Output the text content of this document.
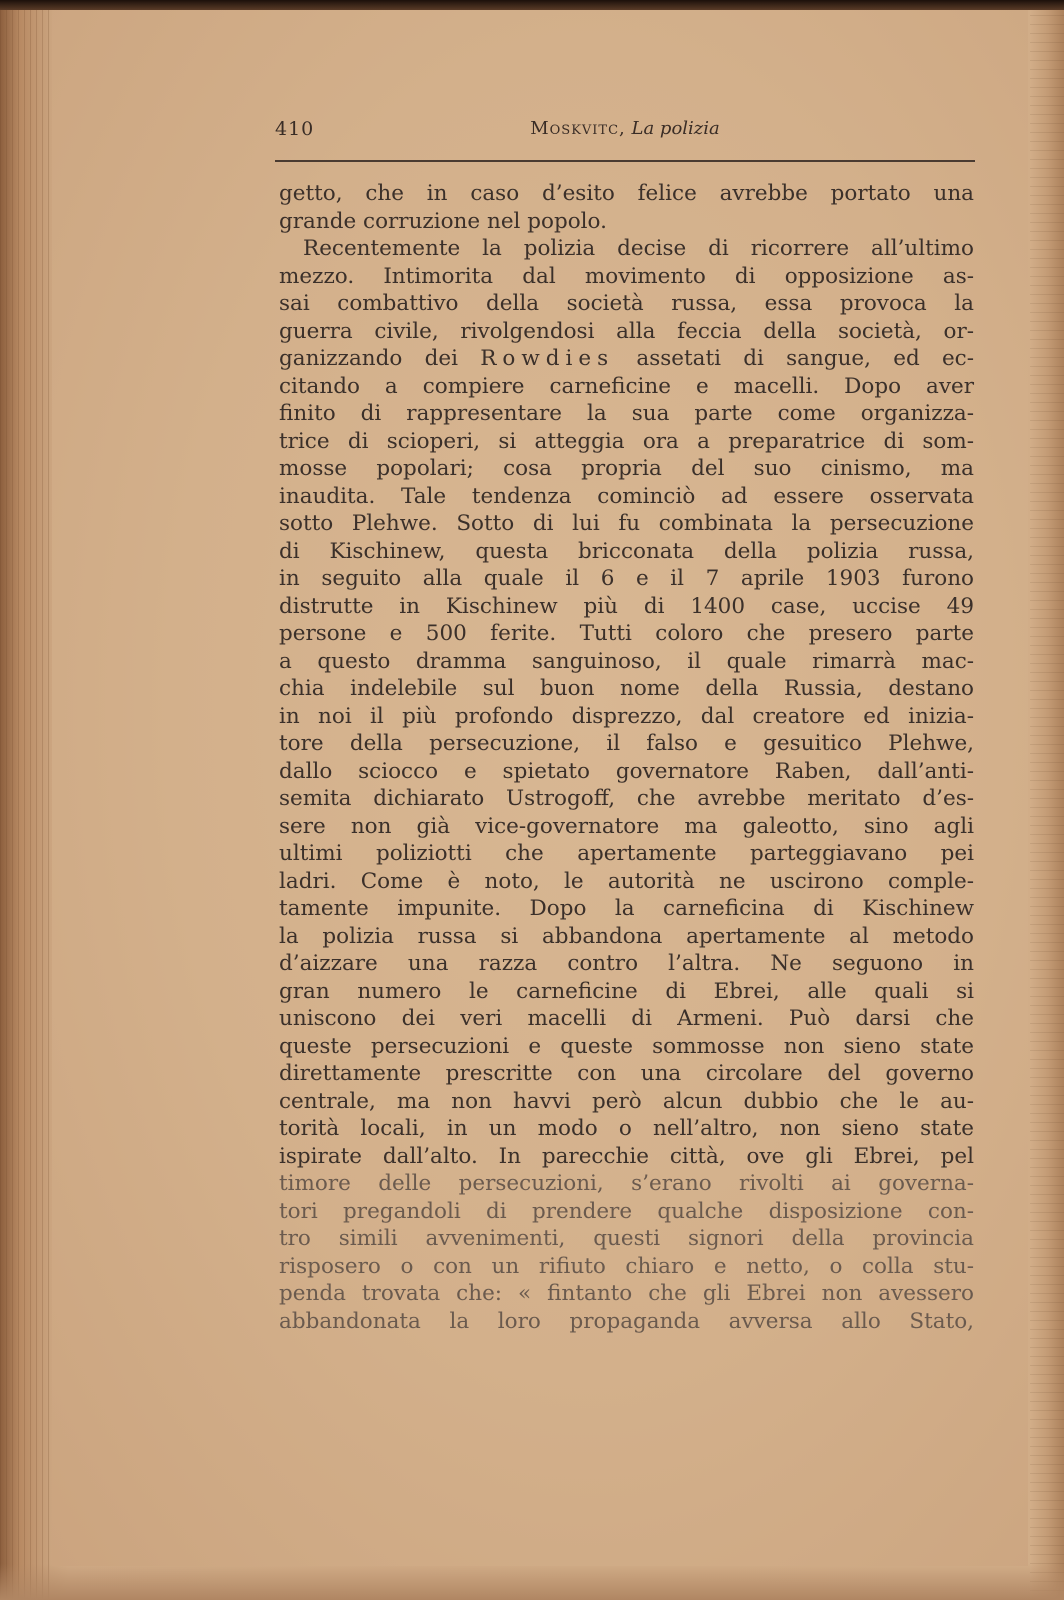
410	Moskvitc, La polizia
getto, che in caso d’esito felice avrebbe portato una
grande corruzione nel popolo.
Recentemente la polizia decise di ricorrere all’ultimo
mezzo. Intimorita dal movimento di opposizione as-
sai combattivo della società russa, essa provoca la
guerra civile, rivolgendosi alla feccia della società, or-
ganizzando dei Rowdies assetati di sangue, ed ec-
citando a compiere carneficine e macelli. Dopo aver
finito di rappresentare la sua parte come organizza-
trice di scioperi, si atteggia ora a preparatrice di som-
mosse popolari; cosa propria del suo cinismo, ma
inaudita. Tale tendenza cominciò ad essere osservata
sotto Plehwe. Sotto di lui fu combinata la persecuzione
di Kischinew, questa bricconata della polizia russa,
in seguito alla quale il 6 e il 7 aprile 1903 furono
distrutte in Kischinew più di 1400 case, uccise 49
persone e 500 ferite. Tutti coloro che presero parte
a questo dramma sanguinoso, il quale rimarrà mac-
chia indelebile sul buon nome della Russia, destano
in noi il più profondo disprezzo, dal creatore ed inizia-
tore della persecuzione, il falso e gesuitico Plehwe,
dallo sciocco e spietato governatore Raben, dall’anti-
semita dichiarato Ustrogoff, che avrebbe meritato d’es-
sere non già vice-governatore ma galeotto, sino agli
ultimi poliziotti che apertamente parteggiavano pei
ladri. Come è noto, le autorità ne uscirono comple-
tamente impunite. Dopo la carneficina di Kischinew
la polizia russa si abbandona apertamente al metodo
d’aizzare una razza contro l’altra. Ne seguono in
gran numero le carneficine di Ebrei, alle quali si
uniscono dei veri macelli di Armeni. Può darsi che
queste persecuzioni e queste sommosse non sieno state
direttamente prescritte con una circolare del governo
centrale, ma non havvi però alcun dubbio che le au-
torità locali, in un modo o nell’altro, non sieno state
ispirate dall’alto. In parecchie città, ove gli Ebrei, pel
timore delle persecuzioni, s’erano rivolti ai governa-
tori pregandoli di prendere qualche disposizione con-
tro simili avvenimenti, questi signori della provincia
risposero o con un rifiuto chiaro e netto, o colla stu-
penda trovata che: « fintanto che gli Ebrei non avessero
abbandonata la loro propaganda avversa allo Stato,
